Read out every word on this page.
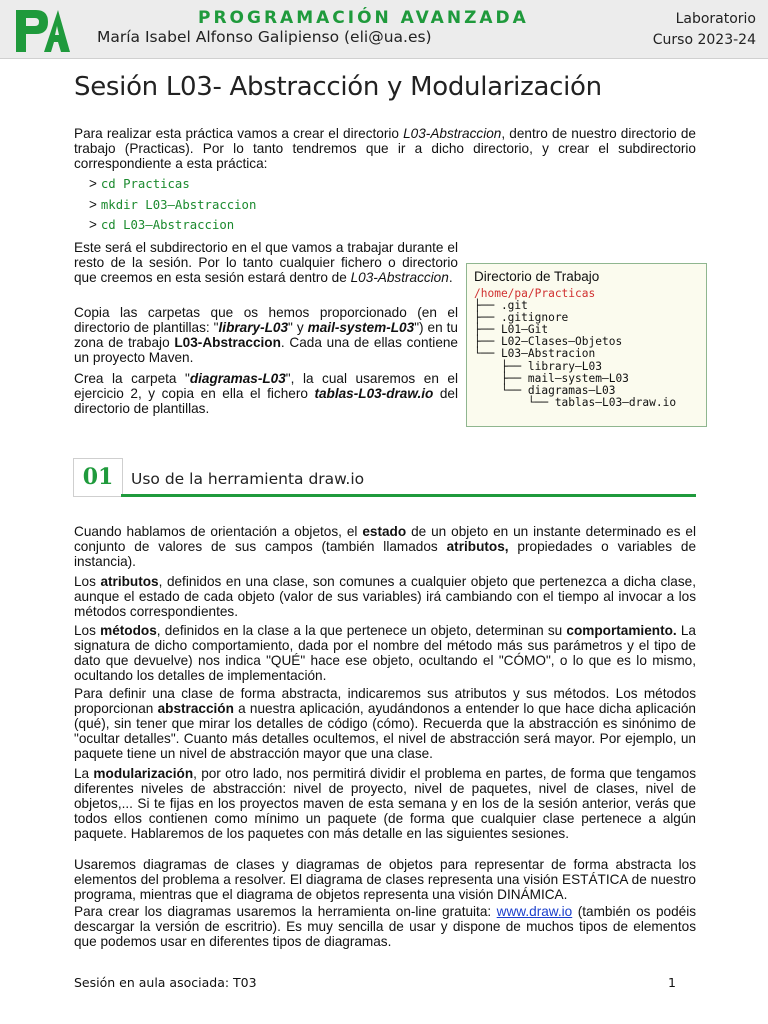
PROGRAMACIÓN AVANZADA
María Isabel Alfonso Galipienso (eli@ua.es)
Laboratorio
Curso 2023-24
Sesión L03- Abstracción y Modularización

Para realizar esta práctica vamos a crear el directorio L03-Abstraccion, dentro de nuestro directorio de trabajo (Practicas). Por lo tanto tendremos que ir a dicho directorio, y crear el subdirectorio correspondiente a esta práctica:

> cd Practicas
> mkdir L03–Abstraccion
> cd L03–Abstraccion

Este será el subdirectorio en el que vamos a trabajar durante el resto de la sesión. Por lo tanto cualquier fichero o directorio que creemos en esta sesión estará dentro de L03-Abstraccion.

Copia las carpetas que os hemos proporcionado (en el directorio de plantillas: "library-L03" y mail-system-L03") en tu zona de trabajo L03-Abstraccion. Cada una de ellas contiene un proyecto Maven.

Crea la carpeta "diagramas-L03", la cual usaremos en el ejercicio 2, y copia en ella el fichero tablas-L03-draw.io del directorio de plantillas.

Directorio de Trabajo
/home/pa/Practicas
├── .git
├── .gitignore
├── L01–Git
├── L02–Clases–Objetos
└── L03–Abstracion
├── library–L03
├── mail–system–L03
└── diagramas–L03
└── tablas–L03–draw.io
01	Uso de la herramienta draw.io

Cuando hablamos de orientación a objetos, el estado de un objeto en un instante determinado es el conjunto de valores de sus campos (también llamados atributos, propiedades o variables de instancia).

Los atributos, definidos en una clase, son comunes a cualquier objeto que pertenezca a dicha clase, aunque el estado de cada objeto (valor de sus variables) irá cambiando con el tiempo al invocar a los métodos correspondientes.

Los métodos, definidos en la clase a la que pertenece un objeto, determinan su comportamiento. La signatura de dicho comportamiento, dada por el nombre del método más sus parámetros y el tipo de dato que devuelve) nos indica "QUÉ" hace ese objeto, ocultando el "CÓMO", o lo que es lo mismo, ocultando los detalles de implementación.

Para definir una clase de forma abstracta, indicaremos sus atributos y sus métodos. Los métodos proporcionan abstracción a nuestra aplicación, ayudándonos a entender lo que hace dicha aplicación (qué), sin tener que mirar los detalles de código (cómo). Recuerda que la abstracción es sinónimo de "ocultar detalles". Cuanto más detalles ocultemos, el nivel de abstracción será mayor. Por ejemplo, un paquete tiene un nivel de abstracción mayor que una clase.

La modularización, por otro lado, nos permitirá dividir el problema en partes, de forma que tengamos diferentes niveles de abstracción: nivel de proyecto, nivel de paquetes, nivel de clases, nivel de objetos,... Si te fijas en los proyectos maven de esta semana y en los de la sesión anterior, verás que todos ellos contienen como mínimo un paquete (de forma que cualquier clase pertenece a algún paquete. Hablaremos de los paquetes con más detalle en las siguientes sesiones.

Usaremos diagramas de clases y diagramas de objetos para representar de forma abstracta los elementos del problema a resolver. El diagrama de clases representa una visión ESTÁTICA de nuestro programa, mientras que el diagrama de objetos representa una visión DINÁMICA.

Para crear los diagramas usaremos la herramienta on-line gratuita: www.draw.io (también os podéis descargar la versión de escritrio). Es muy sencilla de usar y dispone de muchos tipos de elementos que podemos usar en diferentes tipos de diagramas.

Sesión en aula asociada: T03	1
